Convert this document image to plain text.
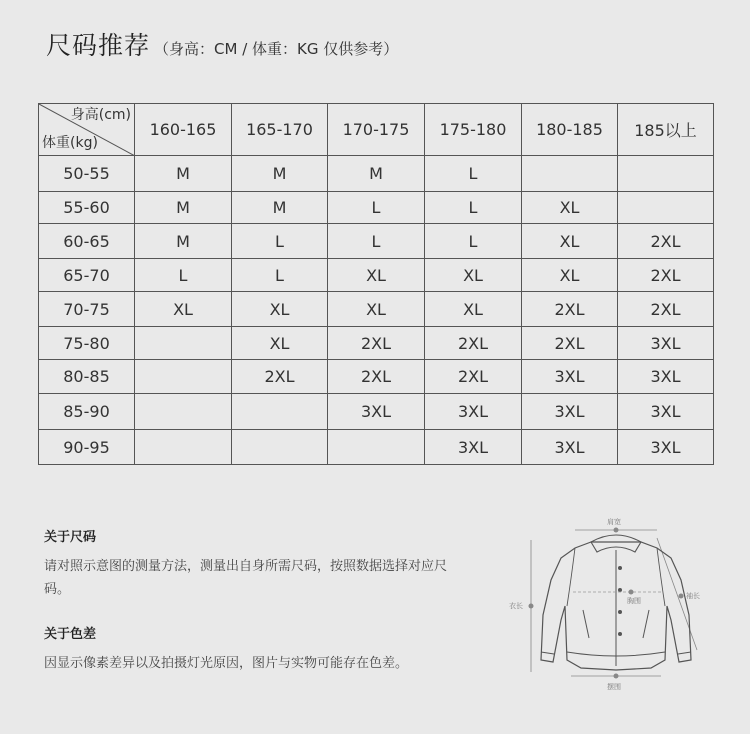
尺码推荐 （身高：CM / 体重：KG 仅供参考）
身高(cm)
体重(kg)	160-165	165-170	170-175	175-180	180-185	185以上
50-55	M	M	M	L		
55-60	M	M	L	L	XL	
60-65	M	L	L	L	XL	2XL
65-70	L	L	XL	XL	XL	2XL
70-75	XL	XL	XL	XL	2XL	2XL
75-80		XL	2XL	2XL	2XL	3XL
80-85		2XL	2XL	2XL	3XL	3XL
85-90			3XL	3XL	3XL	3XL
90-95				3XL	3XL	3XL
关于尺码
请对照示意图的测量方法，测量出自身所需尺码，按照数据选择对应尺码。
关于色差
因显示像素差异以及拍摄灯光原因，图片与实物可能存在色差。
肩宽
衣长
袖长
胸围
摆围
